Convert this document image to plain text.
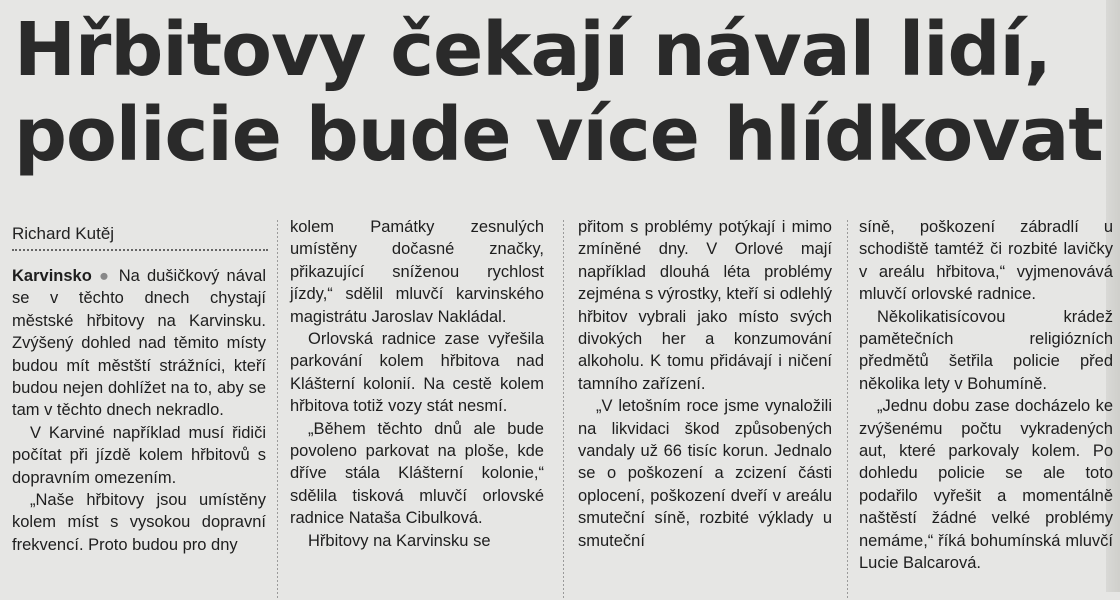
Hřbitovy čekají nával lidí,
policie bude více hlídkovat
Richard Kutěj

Karvinsko ● Na dušičkový nával se v těchto dnech chystají městské hřbitovy na Karvinsku. Zvýšený dohled nad těmito místy budou mít městští strážníci, kteří budou nejen dohlížet na to, aby se tam v těchto dnech nekradlo.

V Karviné například musí řidiči počítat při jízdě kolem hřbitovů s dopravním omezením.

„Naše hřbitovy jsou umístěny kolem míst s vysokou dopravní frekvencí. Proto budou pro dny

kolem Památky zesnulých umístěny dočasné značky, přikazující sníženou rychlost jízdy,“ sdělil mluvčí karvinského magistrátu Jaroslav Nakládal.

Orlovská radnice zase vyřešila parkování kolem hřbitova nad Klášterní kolonií. Na cestě kolem hřbitova totiž vozy stát nesmí.

„Během těchto dnů ale bude povoleno parkovat na ploše, kde dříve stála Klášterní kolonie,“ sdělila tisková mluvčí orlovské radnice Nataša Cibulková.

Hřbitovy na Karvinsku se

přitom s problémy potýkají i mimo zmíněné dny. V Orlové mají například dlouhá léta problémy zejména s výrostky, kteří si odlehlý hřbitov vybrali jako místo svých divokých her a konzumování alkoholu. K tomu přidávají i ničení tamního zařízení.

„V letošním roce jsme vynaložili na likvidaci škod způsobených vandaly už 66 tisíc korun. Jednalo se o poškození a zcizení části oplocení, poškození dveří v areálu smuteční síně, rozbité výklady u smuteční

síně, poškození zábradlí u schodiště tamtéž či rozbité lavičky v areálu hřbitova,“ vyjmenovává mluvčí orlovské radnice.

Několikatisícovou krádež pamětečních religiózních předmětů šetřila policie před několika lety v Bohumíně.

„Jednu dobu zase docházelo ke zvýšenému počtu vykradených aut, které parkovaly kolem. Po dohledu policie se ale toto podařilo vyřešit a momentálně naštěstí žádné velké problémy nemáme,“ říká bohumínská mluvčí Lucie Balcarová.
